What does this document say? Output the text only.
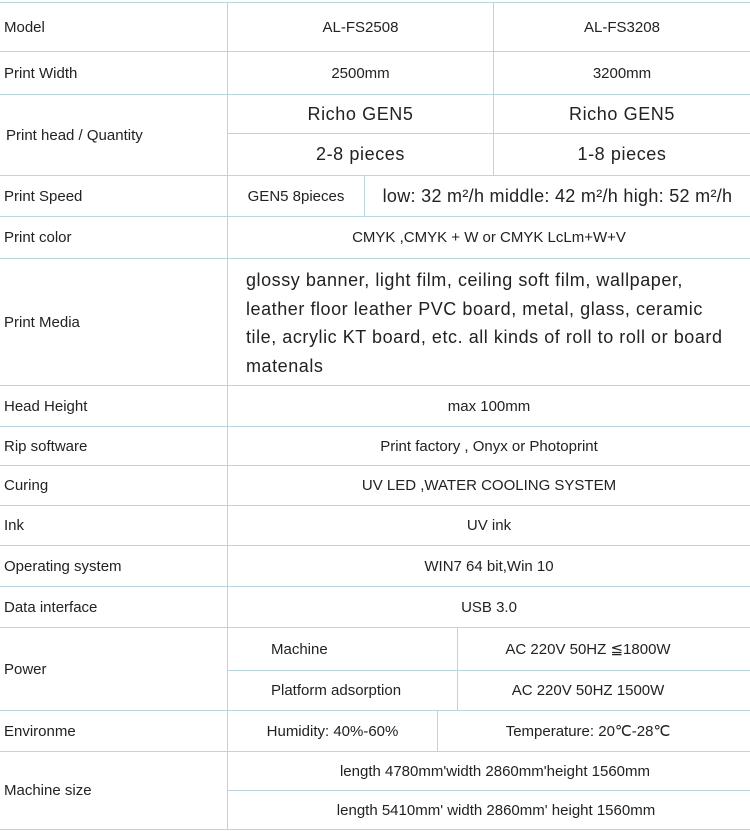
Model	AL-FS2508	AL-FS3208
Print Width	2500mm	3200mm
Print head / Quantity
Richo GEN5	Richo GEN5
2-8 pieces	1-8 pieces
Print Speed	GEN5 8pieces	low: 32 m²/h middle: 42 m²/h high: 52 m²/h
Print color	CMYK ,CMYK + W or CMYK LcLm+W+V
Print Media
glossy banner, light film, ceiling soft film, wallpaper,
leather floor leather PVC board, metal, glass, ceramic
tile, acrylic KT board, etc. all kinds of roll to roll or board
matenals
Head Height	max 100mm
Rip software	Print factory , Onyx or Photoprint
Curing	UV LED ,WATER COOLING SYSTEM
Ink	UV ink
Operating system	WIN7 64 bit,Win 10
Data interface	USB 3.0
Power
Machine	AC 220V 50HZ ≦1800W
Platform adsorption	AC 220V 50HZ 1500W
Environme	Humidity: 40%-60%	Temperature: 20℃-28℃
Machine size
length 4780mm'width 2860mm'height 1560mm
length 5410mm' width 2860mm' height 1560mm
